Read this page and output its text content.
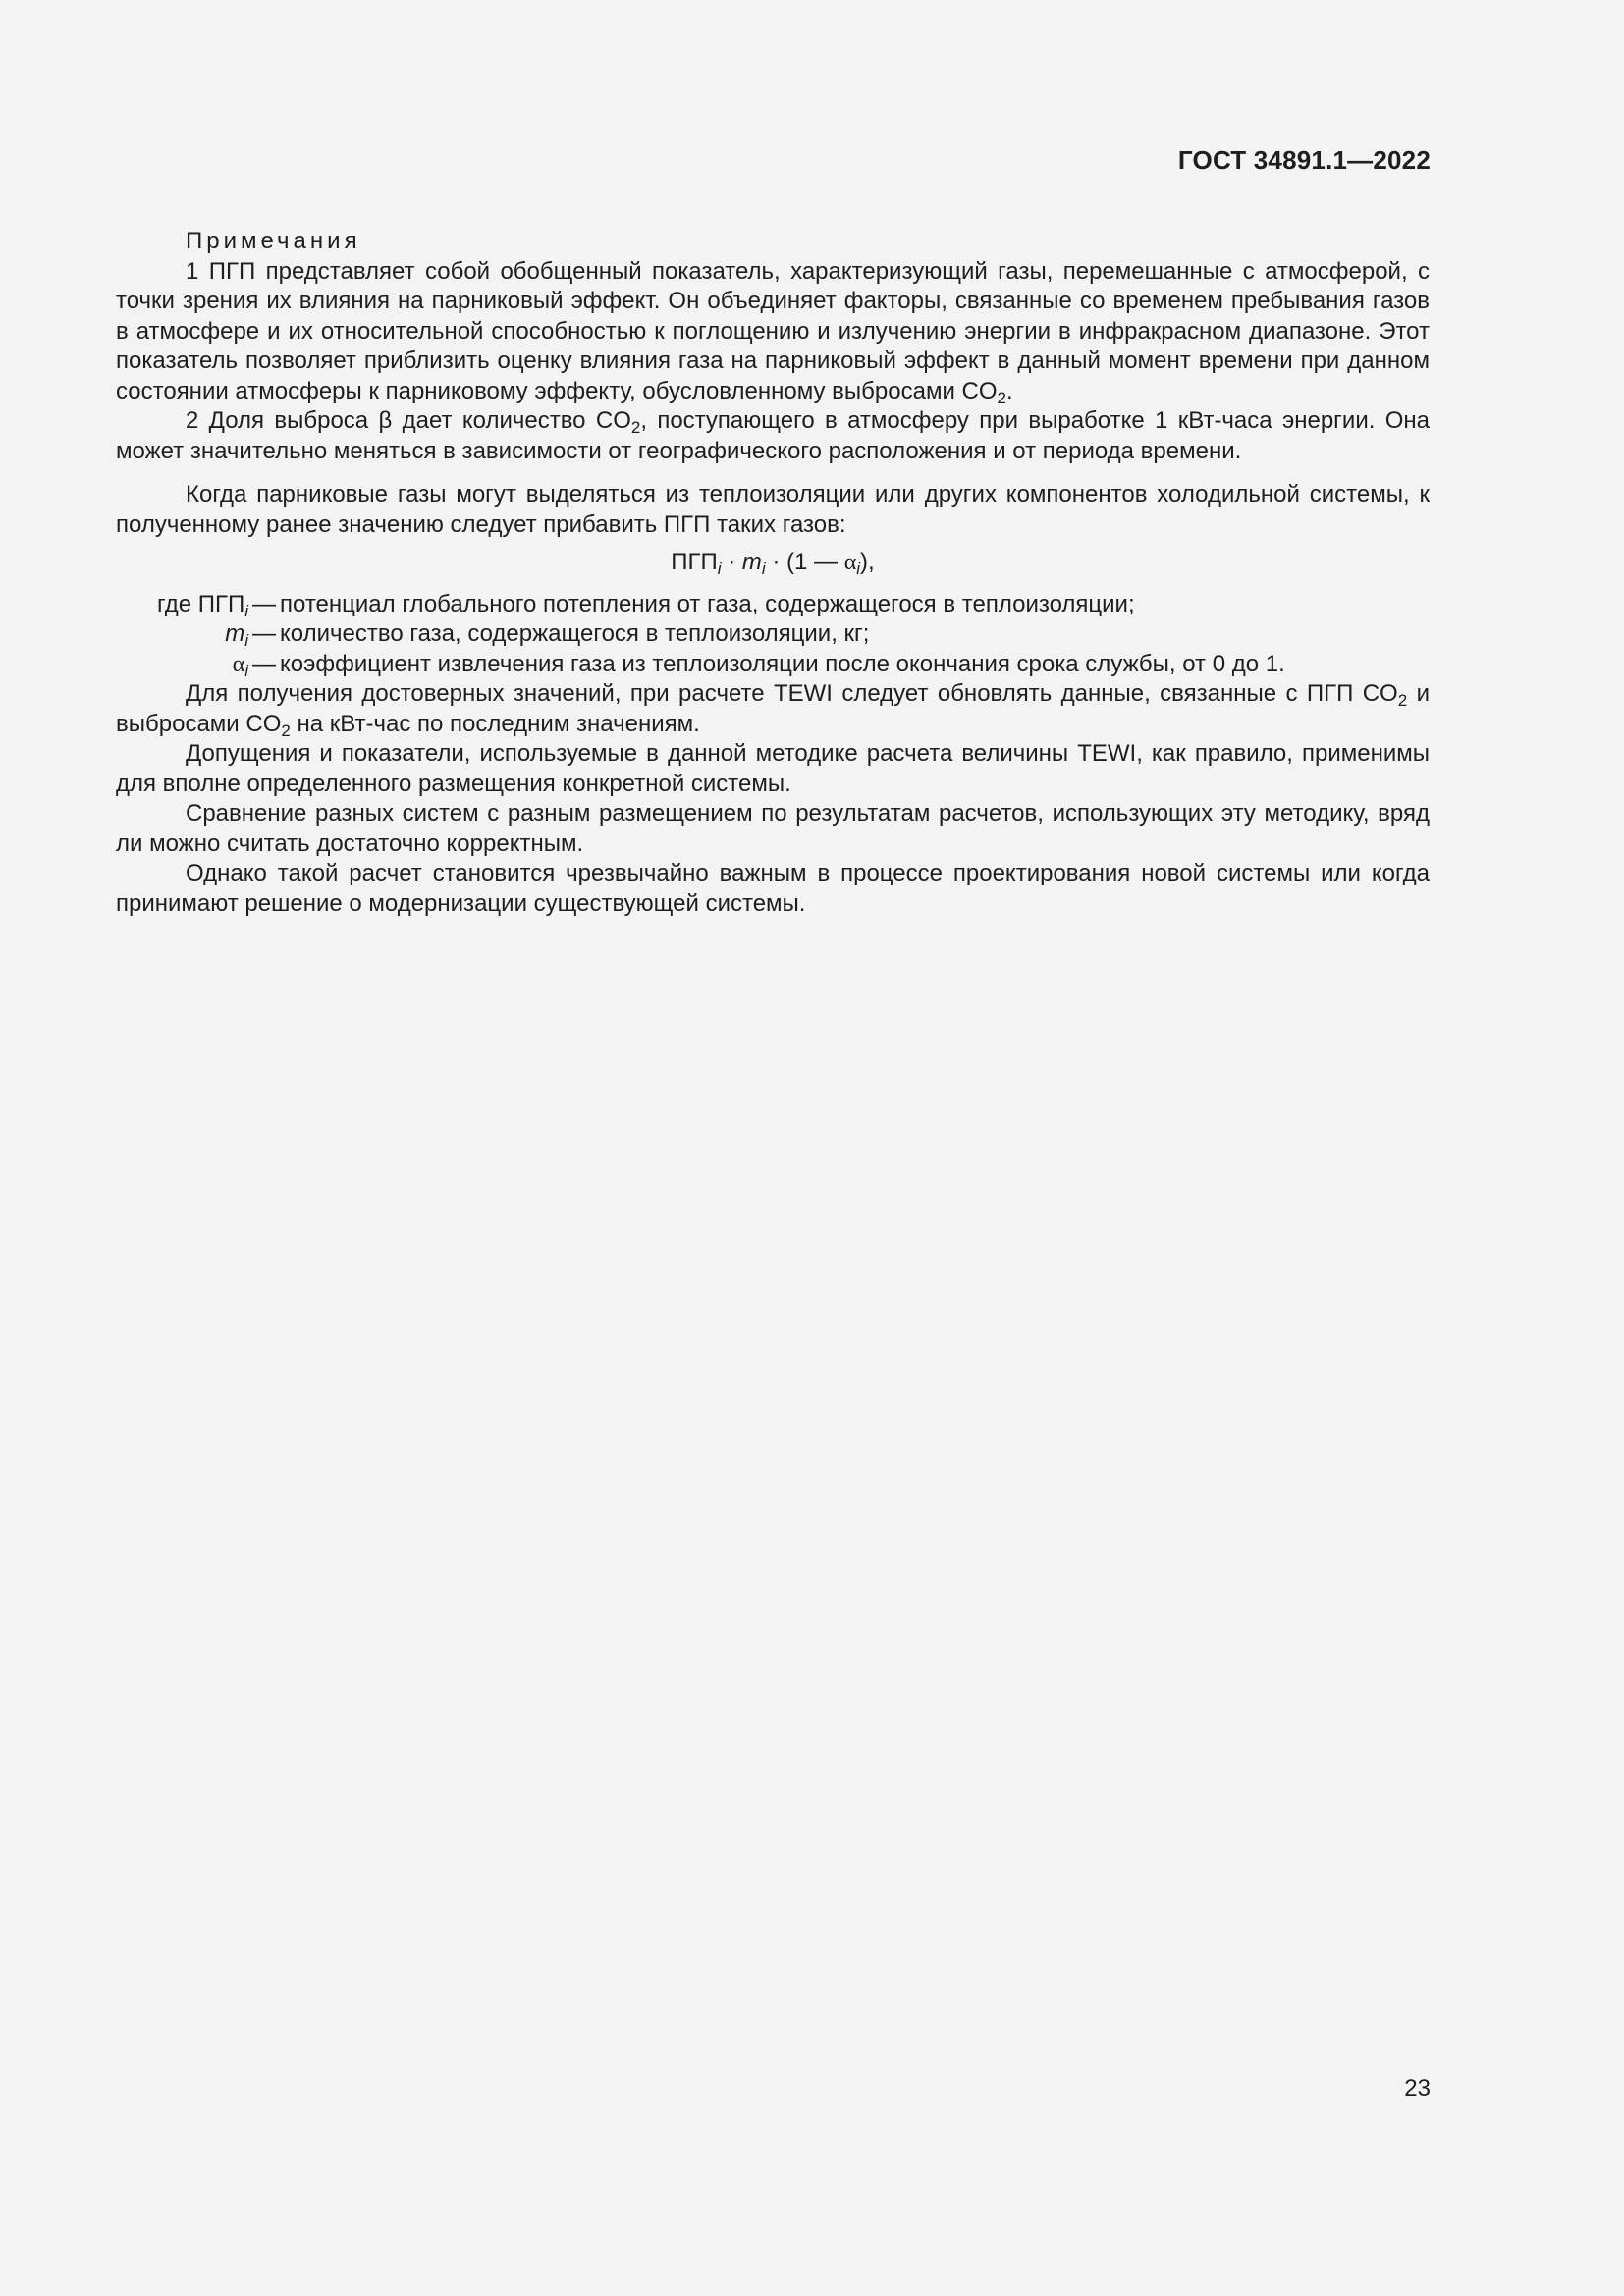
ГОСТ 34891.1—2022

Примечания

1 ПГП представляет собой обобщенный показатель, характеризующий газы, перемешанные с атмосферой, с точки зрения их влияния на парниковый эффект. Он объединяет факторы, связанные со временем пребывания газов в атмосфере и их относительной способностью к поглощению и излучению энергии в инфракрасном диапазоне. Этот показатель позволяет приблизить оценку влияния газа на парниковый эффект в данный момент времени при данном состоянии атмосферы к парниковому эффекту, обусловленному выбросами $CO_2$.

2 Доля выброса β дает количество $CO_2$, поступающего в атмосферу при выработке 1 кВт-часа энергии. Она может значительно меняться в зависимости от географического расположения и от периода времени.

Когда парниковые газы могут выделяться из теплоизоляции или других компонентов холодильной системы, к полученному ранее значению следует прибавить ПГП таких газов:

$ПГП_i \cdot m_i \cdot (1$ — $\alpha_i$),
где $ПГП_i$ — потенциал глобального потепления от газа, содержащегося в теплоизоляции;
$m_i$ — количество газа, содержащегося в теплоизоляции, кг;
$\alpha_i$ — коэффициент извлечения газа из теплоизоляции после окончания срока службы, от 0 до 1.

Для получения достоверных значений, при расчете TEWI следует обновлять данные, связанные с ПГП $CO_2$ и выбросами $CO_2$ на кВт-час по последним значениям.

Допущения и показатели, используемые в данной методике расчета величины TEWI, как правило, применимы для вполне определенного размещения конкретной системы.

Сравнение разных систем с разным размещением по результатам расчетов, использующих эту методику, вряд ли можно считать достаточно корректным.

Однако такой расчет становится чрезвычайно важным в процессе проектирования новой системы или когда принимают решение о модернизации существующей системы.

23
